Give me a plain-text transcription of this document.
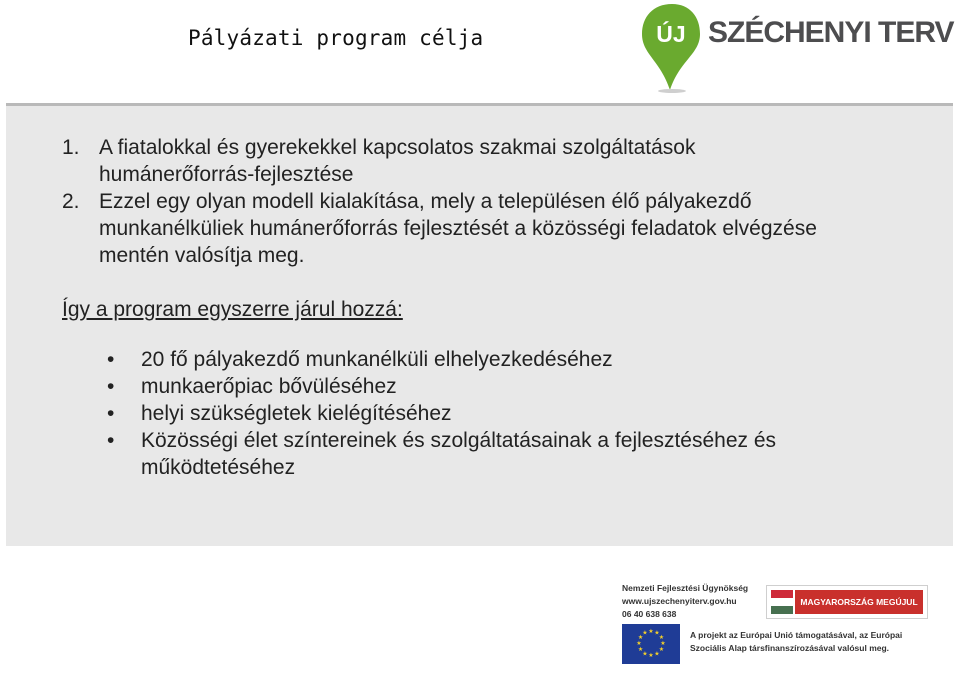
Pályázati program célja	ÚJ SZÉCHENYI TERV
1. A fiatalokkal és gyerekekkel kapcsolatos szakmai szolgáltatások
humánerőforrás-fejlesztése
2. Ezzel egy olyan modell kialakítása, mely a településen élő pályakezdő
munkanélküliek humánerőforrás fejlesztését a közösségi feladatok elvégzése
mentén valósítja meg.
Így a program egyszerre járul hozzá:
• 20 fő pályakezdő munkanélküli elhelyezkedéséhez
• munkaerőpiac bővüléséhez
• helyi szükségletek kielégítéséhez
• Közösségi élet színtereinek és szolgáltatásainak a fejlesztéséhez és
működtetéséhez
Nemzeti Fejlesztési Ügynökség
www.ujszechenyiterv.gov.hu
06 40 638 638
MAGYARORSZÁG MEGÚJUL
★ ★
★
★
★
★
★
★
★
★
★
★	A projekt az Európai Unió támogatásával, az Európai
Szociális Alap társfinanszírozásával valósul meg.
